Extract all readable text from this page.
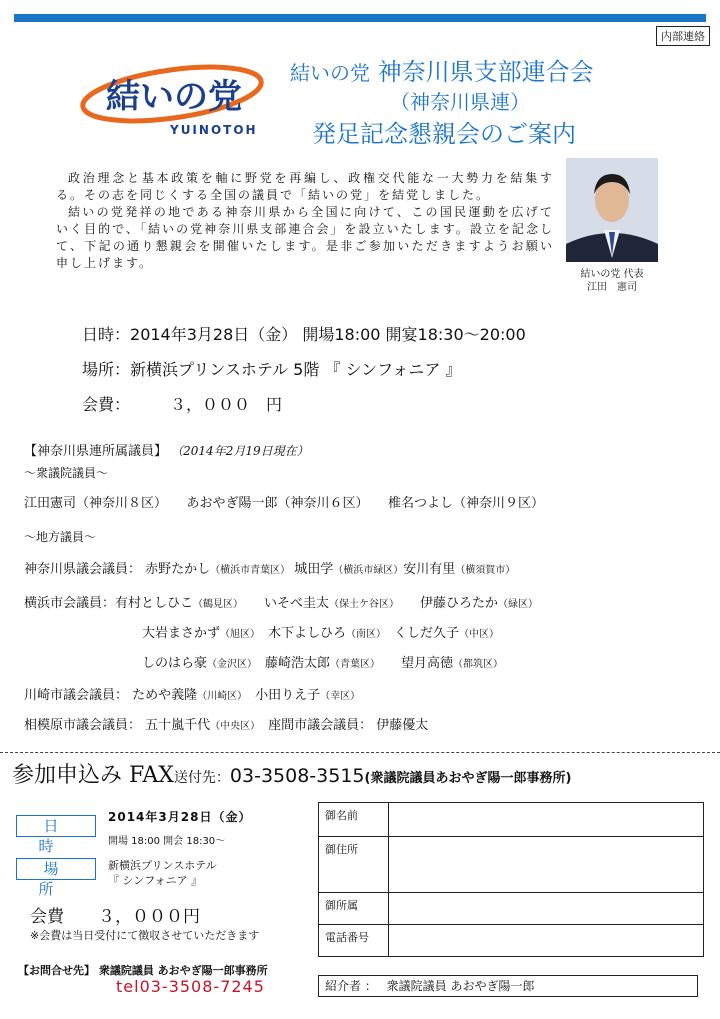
内部連絡
結いの党
YUINOTOH
結いの党 神奈川県支部連合会
（神奈川県連）
発足記念懇親会のご案内

政治理念と基本政策を軸に野党を再編し、政権交代能な一大勢力を結集する。その志を同じくする全国の議員で「結いの党」を結党しました。

結いの党発祥の地である神奈川県から全国に向けて、この国民運動を広げていく目的で、「結いの党神奈川県支部連合会」を設立いたします。設立を記念して、下記の通り懇親会を開催いたします。是非ご参加いただきますようお願い申し上げます。

結いの党 代表
江田　憲司
日時：2014年3月28日（金） 開場18:00 開宴18:30〜20:00
場所：新横浜プリンスホテル 5階 『 シンフォニア 』
会費：　　　３，０００　円
【神奈川県連所属議員】 （2014年2月19日現在）
〜衆議院議員〜
江田憲司（神奈川８区）　　あおやぎ陽一郎（神奈川６区）　　椎名つよし（神奈川９区）
〜地方議員〜
神奈川県議会議員： 赤野たかし（横浜市青葉区） 城田学（横浜市緑区）安川有里（横須賀市）
横浜市会議員：有村としひこ（鶴見区）　　いそべ圭太（保土ケ谷区）　　伊藤ひろたか（緑区）
大岩まさかず（旭区）　木下よしひろ（南区）　くしだ久子（中区）
しのはら豪（金沢区）　藤崎浩太郎（青葉区）　　望月高徳（都筑区）
川崎市議会議員： ためや義隆（川崎区）　小田りえ子（幸区）
相模原市議会議員： 五十嵐千代（中央区）　座間市議会議員： 伊藤優太
参加申込み FAX送付先：03-3508-3515(衆議院議員あおやぎ陽一郎事務所)
日時
2014年3月28日（金）
開場 18:00 開会 18:30〜
場所
新横浜プリンスホテル
『 シンフォニア 』
会費　　３，０００円
※会費は当日受付にて徴収させていただきます
【お問合せ先】 衆議院議員 あおやぎ陽一郎事務所
tel03-3508-7245
御名前	
御住所	
御所属	
電話番号	
紹介者 ：　 衆議院議員 あおやぎ陽一郎
